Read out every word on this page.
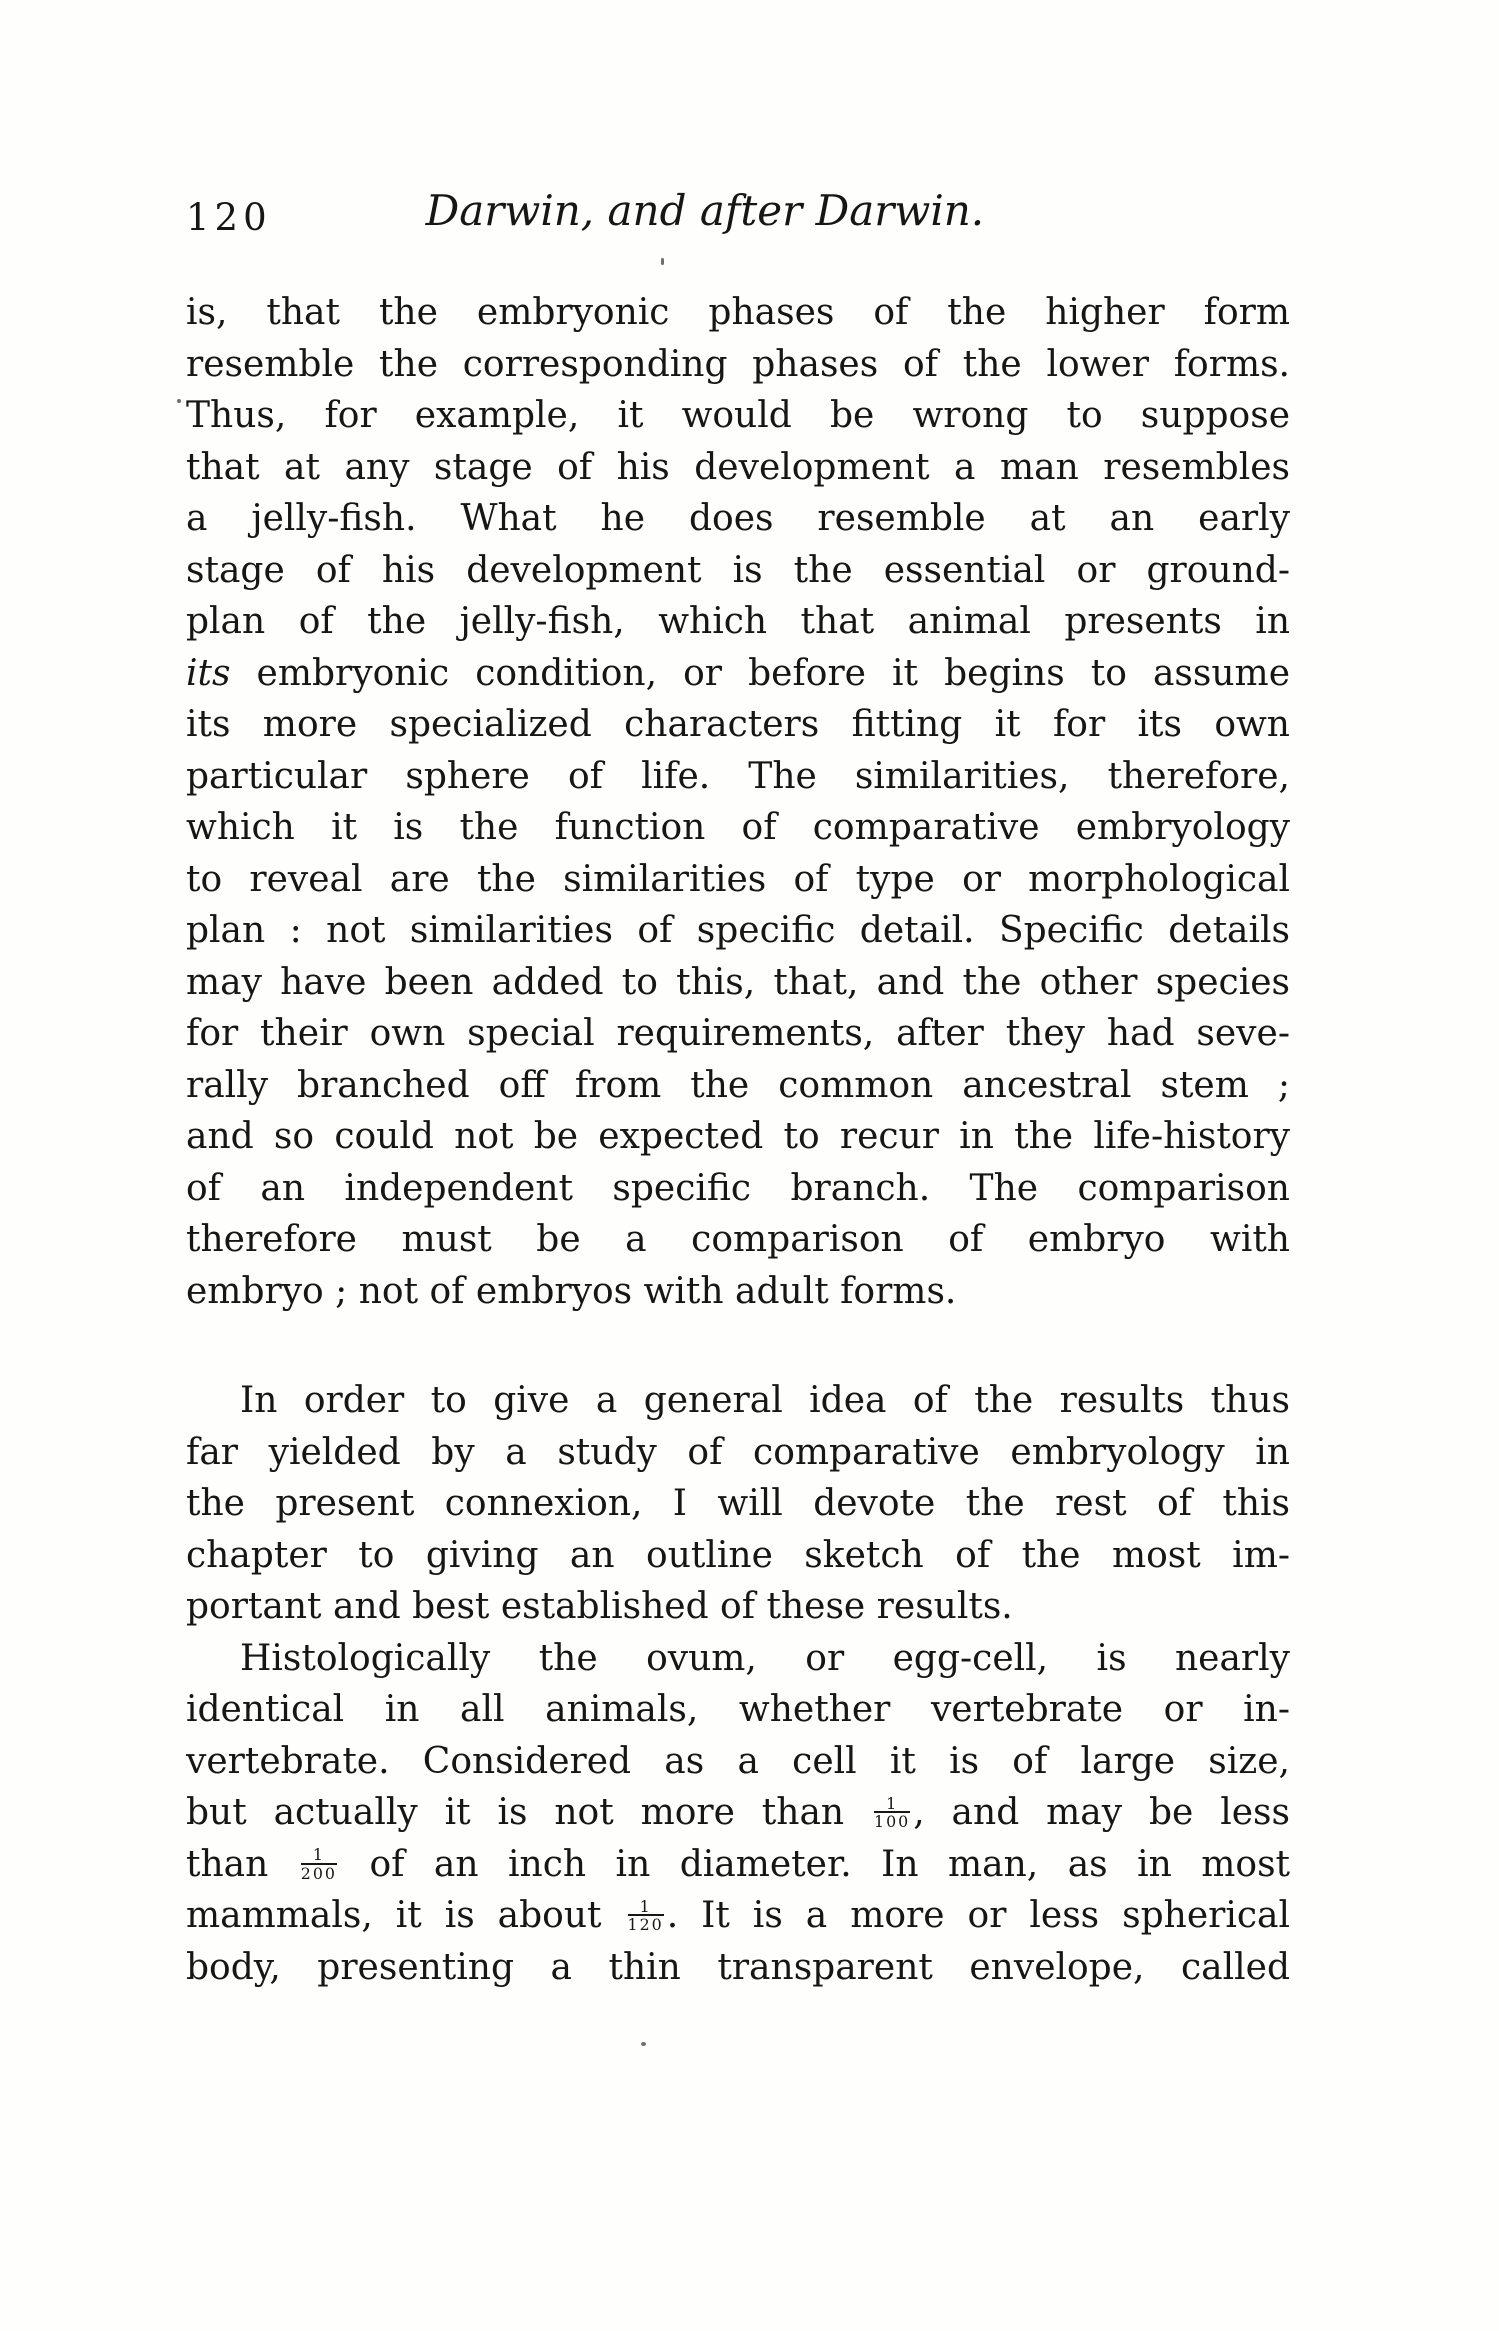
120	Darwin, and after Darwin.
is, that the embryonic phases of the higher form
resemble the corresponding phases of the lower forms.
Thus, for example, it would be wrong to suppose
that at any stage of his development a man resembles
a jelly-fish. What he does resemble at an early
stage of his development is the essential or ground-
plan of the jelly-fish, which that animal presents in
its embryonic condition, or before it begins to assume
its more specialized characters fitting it for its own
particular sphere of life. The similarities, therefore,
which it is the function of comparative embryology
to reveal are the similarities of type or morphological
plan : not similarities of specific detail. Specific details
may have been added to this, that, and the other species
for their own special requirements, after they had seve-
rally branched off from the common ancestral stem ;
and so could not be expected to recur in the life-history
of an independent specific branch. The comparison
therefore must be a comparison of embryo with
embryo ; not of embryos with adult forms.
In order to give a general idea of the results thus
far yielded by a study of comparative embryology in
the present connexion, I will devote the rest of this
chapter to giving an outline sketch of the most im-
portant and best established of these results.
Histologically the ovum, or egg-cell, is nearly
identical in all animals, whether vertebrate or in-
vertebrate. Considered as a cell it is of large size,
but actually it is not more than $\frac{1}{100}$ , and may be less
than $\frac{1}{200}$ of an inch in diameter. In man, as in most
mammals, it is about $\frac{1}{120}$ . It is a more or less spherical
body, presenting a thin transparent envelope, called
